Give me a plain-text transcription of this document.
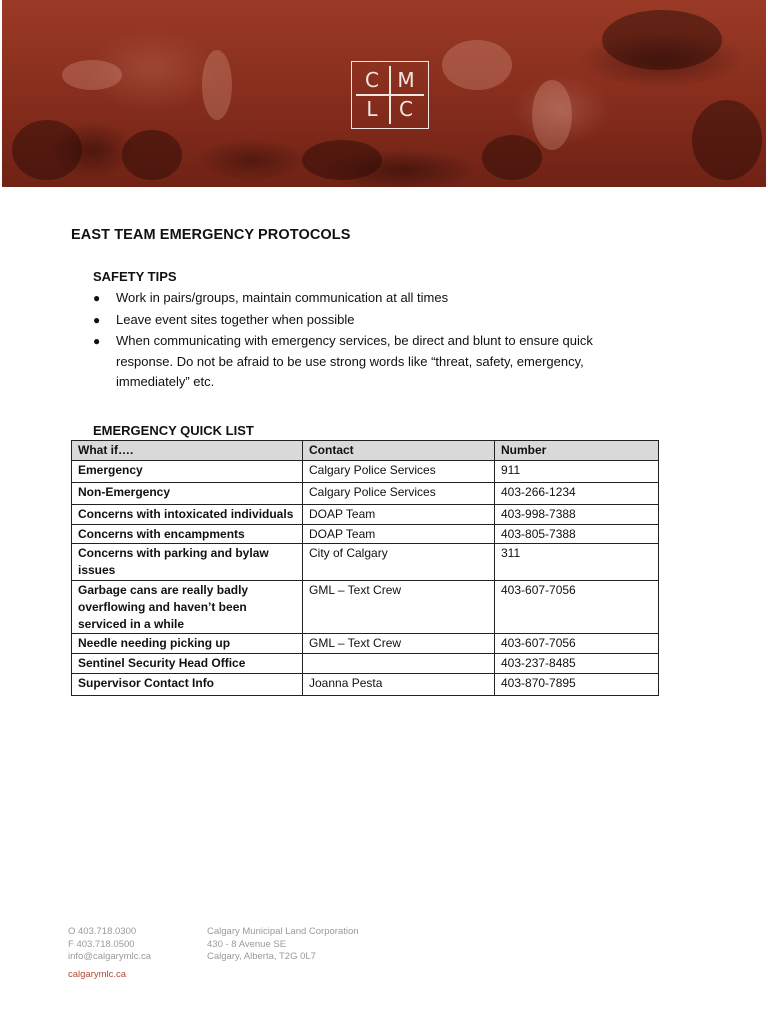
C M
L	C
EAST TEAM EMERGENCY PROTOCOLS
SAFETY TIPS
● Work in pairs/groups, maintain communication at all times
● Leave event sites together when possible
● When communicating with emergency services, be direct and blunt to ensure quick response. Do not be afraid to be use strong words like “threat, safety, emergency, immediately” etc.
EMERGENCY QUICK LIST
What if….	Contact	Number
Emergency	Calgary Police Services	911
Non-Emergency	Calgary Police Services	403-266-1234
Concerns with intoxicated individuals	DOAP Team	403-998-7388
Concerns with encampments	DOAP Team	403-805-7388
Concerns with parking and bylaw issues	City of Calgary	311
Garbage cans are really badly overflowing and haven’t been serviced in a while	GML – Text Crew	403-607-7056
Needle needing picking up	GML – Text Crew	403-607-7056
Sentinel Security Head Office		403-237-8485
Supervisor Contact Info	Joanna Pesta	403-870-7895
O 403.718.0300
F 403.718.0500
info@calgarymlc.ca
calgarymlc.ca
Calgary Municipal Land Corporation
430 - 8 Avenue SE
Calgary, Alberta, T2G 0L7
